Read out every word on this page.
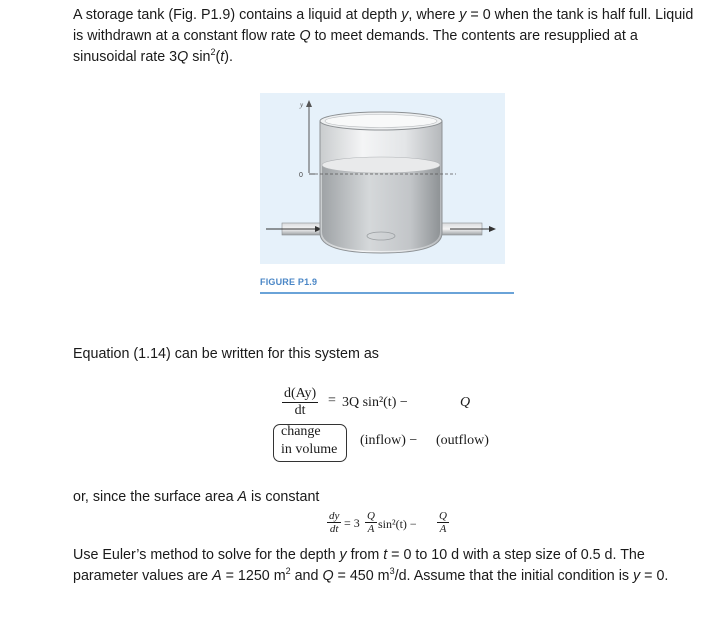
A storage tank (Fig. P1.9) contains a liquid at depth y, where y = 0 when the tank is half full. Liquid is withdrawn at a constant flow rate Q to meet demands. The contents are resupplied at a sinusoidal rate 3Q $\sin^2(t)$.
y
0
FIGURE P1.9
Equation (1.14) can be written for this system as
$\frac{d(Ay)}{dt} = 3Q$ sin²(t) −	Q
change
in volume
(inflow) − (outflow)
or, since the surface area A is constant
$\frac{dy}{dt} = 3 \frac{Q}{A} \sin^2(t) - \frac{Q}{A}$
Use Euler’s method to solve for the depth y from t = 0 to 10 d with a step size of 0.5 d. The parameter values are A = 1250 $m^2$ and Q = 450 $m^3/d$. Assume that the initial condition is y = 0.
